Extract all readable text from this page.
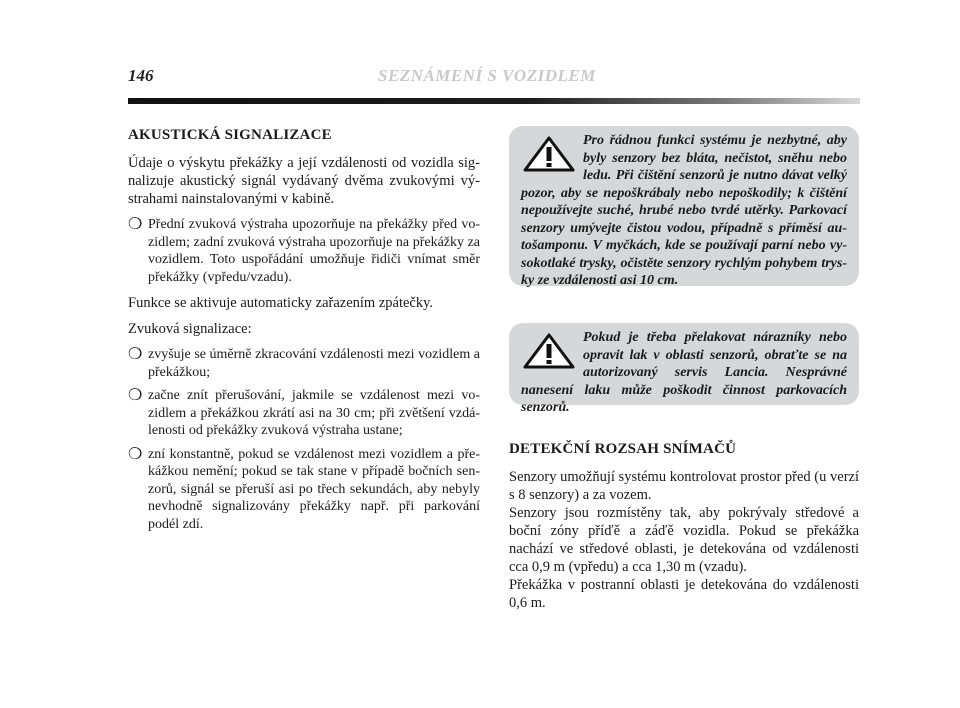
146	SEZNÁMENÍ S VOZIDLEM
AKUSTICKÁ SIGNALIZACE

Údaje o výskytu překážky a její vzdálenosti od vozidla signalizuje akustický signál vydávaný dvěma zvukovými výstrahami nainstalovanými v kabině.

❍ Přední zvuková výstraha upozorňuje na překážky před vozidlem; zadní zvuková výstraha upozorňuje na překážky za vozidlem. Toto uspořádání umožňuje řidiči vnímat směr překážky (vpředu/vzadu).

Funkce se aktivuje automaticky zařazením zpátečky.

Zvuková signalizace:

❍ zvyšuje se úměrně zkracování vzdálenosti mezi vozidlem a překážkou;
❍ začne znít přerušování, jakmile se vzdálenost mezi vozidlem a překážkou zkrátí asi na 30 cm; při zvětšení vzdálenosti od překážky zvuková výstraha ustane;
❍ zní konstantně, pokud se vzdálenost mezi vozidlem a překážkou nemění; pokud se tak stane v případě bočních senzorů, signál se přeruší asi po třech sekundách, aby nebyly nevhodně signalizovány překážky např. při parkování podél zdí.
Pro řádnou funkci systému je nezbytné, aby byly senzory bez bláta, nečistot, sněhu nebo ledu. Při čištění senzorů je nutno dávat velký pozor, aby se nepoškrábaly nebo nepoškodily; k čištění nepoužívejte suché, hrubé nebo tvrdé utěrky. Parkovací senzory umývejte čistou vodou, případně s příměsí autošamponu. V myčkách, kde se používají parní nebo vysokotlaké trysky, očistěte senzory rychlým pohybem trysky ze vzdálenosti asi 10 cm.
Pokud je třeba přelakovat nárazníky nebo opravit lak v oblasti senzorů, obraťte se na autorizovaný servis Lancia. Nesprávné nanesení laku může poškodit činnost parkovacích senzorů.
DETEKČNÍ ROZSAH SNÍMAČŮ

Senzory umožňují systému kontrolovat prostor před (u verzí s 8 senzory) a za vozem.

Senzory jsou rozmístěny tak, aby pokrývaly středové a boční zóny příďě a záďě vozidla. Pokud se překážka nachází ve středové oblasti, je detekována od vzdálenosti cca 0,9 m (vpředu) a cca 1,30 m (vzadu).

Překážka v postranní oblasti je detekována do vzdálenosti 0,6 m.
